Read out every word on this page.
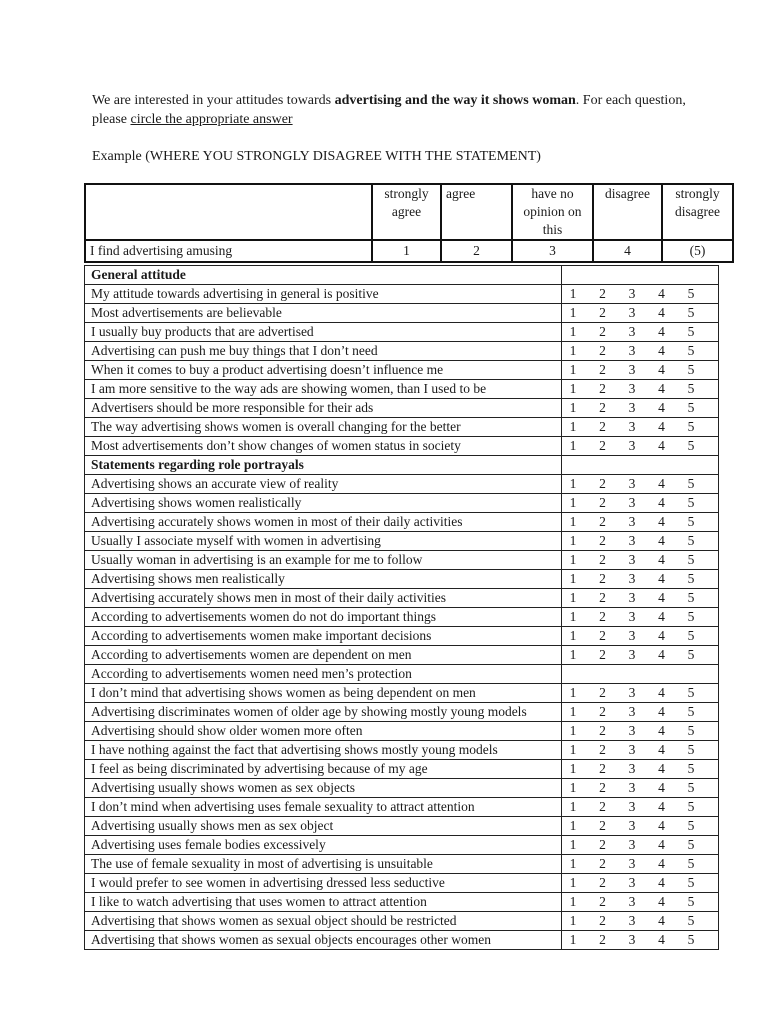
We are interested in your attitudes towards advertising and the way it shows woman. For each question, please circle the appropriate answer
Example (WHERE YOU STRONGLY DISAGREE WITH THE STATEMENT)
	strongly agree	agree	have no opinion on this	disagree	strongly disagree
I find advertising amusing	1	2	3	4	(5)
General attitude	
My attitude towards advertising in general is positive	1 2 3 4 5

Most advertisements are believable	1 2 3 4 5

I usually buy products that are advertised	1 2 3 4 5

Advertising can push me buy things that I don’t need	1 2 3 4 5

When it comes to buy a product advertising doesn’t influence me	1 2 3 4 5

I am more sensitive to the way ads are showing women, than I used to be	1 2 3 4 5

Advertisers should be more responsible for their ads	1 2 3 4 5

The way advertising shows women is overall changing for the better	1 2 3 4 5

Most advertisements don’t show changes of women status in society	1 2 3 4 5

Statements regarding role portrayals	
Advertising shows an accurate view of reality	1 2 3 4 5

Advertising shows women realistically	1 2 3 4 5

Advertising accurately shows women in most of their daily activities	1 2 3 4 5

Usually I associate myself with women in advertising	1 2 3 4 5

Usually woman in advertising is an example for me to follow	1 2 3 4 5

Advertising shows men realistically	1 2 3 4 5

Advertising accurately shows men in most of their daily activities	1 2 3 4 5

According to advertisements women do not do important things	1 2 3 4 5

According to advertisements women make important decisions	1 2 3 4 5

According to advertisements women are dependent on men	1 2 3 4 5

According to advertisements women need men’s protection	
I don’t mind that advertising shows women as being dependent on men	1 2 3 4 5

Advertising discriminates women of older age by showing mostly young models	1 2 3 4 5

Advertising should show older women more often	1 2 3 4 5

I have nothing against the fact that advertising shows mostly young models	1 2 3 4 5

I feel as being discriminated by advertising because of my age	1 2 3 4 5

Advertising usually shows women as sex objects	1 2 3 4 5

I don’t mind when advertising uses female sexuality to attract attention	1 2 3 4 5

Advertising usually shows men as sex object	1 2 3 4 5

Advertising uses female bodies excessively	1 2 3 4 5

The use of female sexuality in most of advertising is unsuitable	1 2 3 4 5

I would prefer to see women in advertising dressed less seductive	1 2 3 4 5

I like to watch advertising that uses women to attract attention	1 2 3 4 5

Advertising that shows women as sexual object should be restricted	1 2 3 4 5

Advertising that shows women as sexual objects encourages other women	1 2 3 4 5
